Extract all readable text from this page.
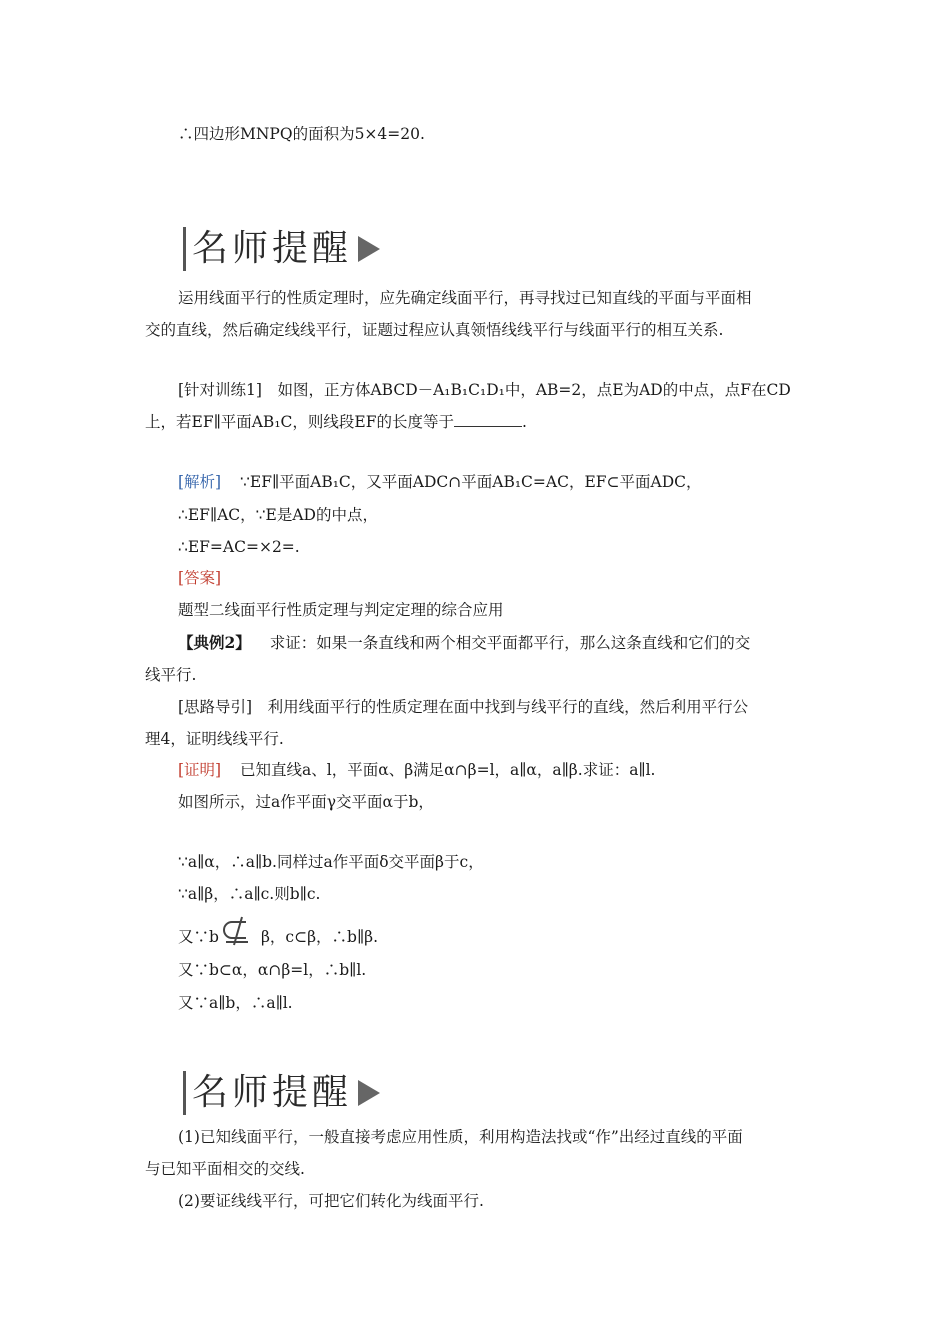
∴四边形MNPQ的面积为5×4=20.
名师提醒
运用线面平行的性质定理时，应先确定线面平行，再寻找过已知直线的平面与平面相
交的直线，然后确定线线平行，证题过程应认真领悟线线平行与线面平行的相互关系.
[针对训练1]　如图，正方体ABCD－A₁B₁C₁D₁中，AB=2，点E为AD的中点，点F在CD
上，若EF∥平面AB₁C，则线段EF的长度等于	.
[解析] ∵EF∥平面AB₁C，又平面ADC∩平面AB₁C=AC，EF⊂平面ADC，
∴EF∥AC，∵E是AD的中点，
∴EF=AC=×2=.
[答案]
题型二线面平行性质定理与判定定理的综合应用
【典例2】 求证：如果一条直线和两个相交平面都平行，那么这条直线和它们的交
线平行.
[思路导引]　利用线面平行的性质定理在面中找到与线平行的直线，然后利用平行公
理4，证明线线平行.
[证明] 已知直线a、l，平面α、β满足α∩β=l，a∥α，a∥β.求证：a∥l.
如图所示，过a作平面γ交平面α于b，
∵a∥α，∴a∥b.同样过a作平面δ交平面β于c，
∵a∥β，∴a∥c.则b∥c.
又∵b	β，c⊂β，∴b∥β.
又∵b⊂α，α∩β=l，∴b∥l.
又∵a∥b，∴a∥l.
名师提醒
(1)已知线面平行，一般直接考虑应用性质，利用构造法找或“作”出经过直线的平面
与已知平面相交的交线.
(2)要证线线平行，可把它们转化为线面平行.
